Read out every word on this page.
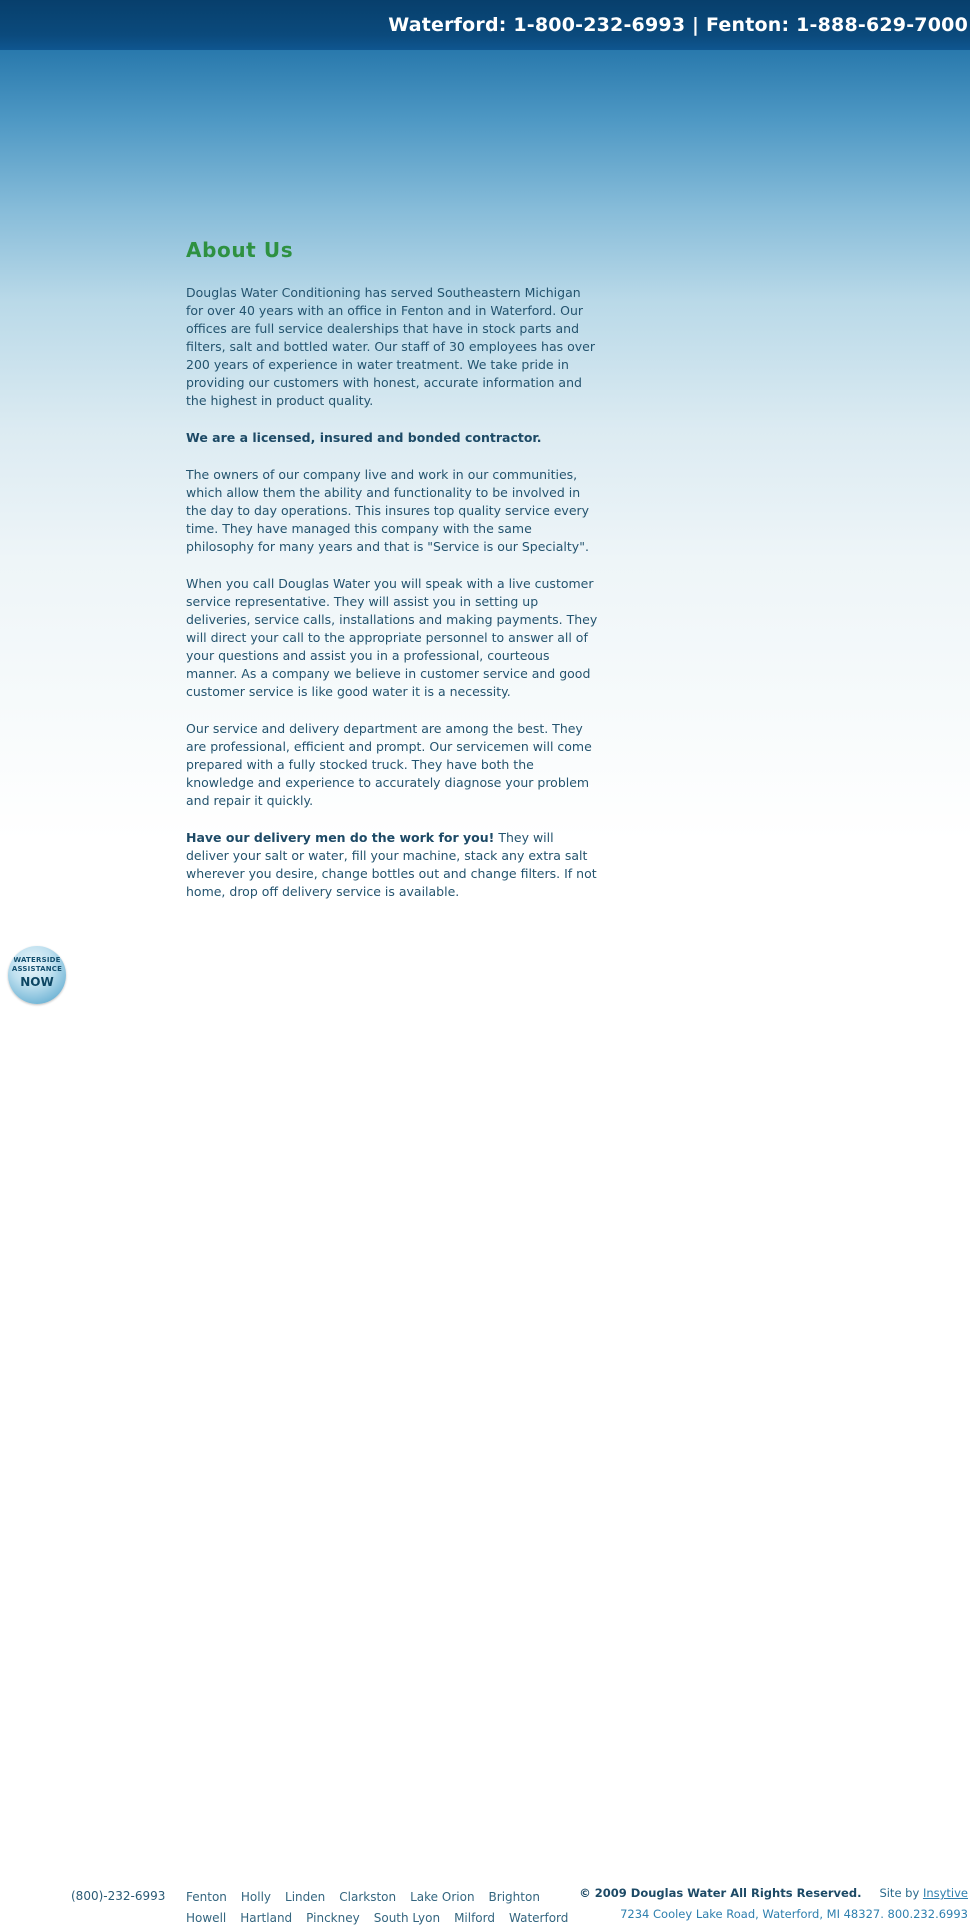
Waterford: 1-800-232-6993 | Fenton: 1-888-629-7000
About Us

Douglas Water Conditioning has served Southeastern Michigan for over 40 years with an office in Fenton and in Waterford. Our offices are full service dealerships that have in stock parts and filters, salt and bottled water. Our staff of 30 employees has over 200 years of experience in water treatment. We take pride in providing our customers with honest, accurate information and the highest in product quality.

We are a licensed, insured and bonded contractor.

The owners of our company live and work in our communities, which allow them the ability and functionality to be involved in the day to day operations. This insures top quality service every time. They have managed this company with the same philosophy for many years and that is "Service is our Specialty".

When you call Douglas Water you will speak with a live customer service representative. They will assist you in setting up deliveries, service calls, installations and making payments. They will direct your call to the appropriate personnel to answer all of your questions and assist you in a professional, courteous manner. As a company we believe in customer service and good customer service is like good water it is a necessity.

Our service and delivery department are among the best. They are professional, efficient and prompt. Our servicemen will come prepared with a fully stocked truck. They have both the knowledge and experience to accurately diagnose your problem and repair it quickly.

Have our delivery men do the work for you! They will deliver your salt or water, fill your machine, stack any extra salt wherever you desire, change bottles out and change filters. If not home, drop off delivery service is available.

WATERSIDE
ASSISTANCE
NOW
(800)-232-6993 Fenton Holly Linden Clarkston Lake Orion BrightonHowell Hartland Pinckney South Lyon Milford Waterford
© 2009 Douglas Water All Rights Reserved. Site by Insytive
7234 Cooley Lake Road, Waterford, MI 48327. 800.232.6993
